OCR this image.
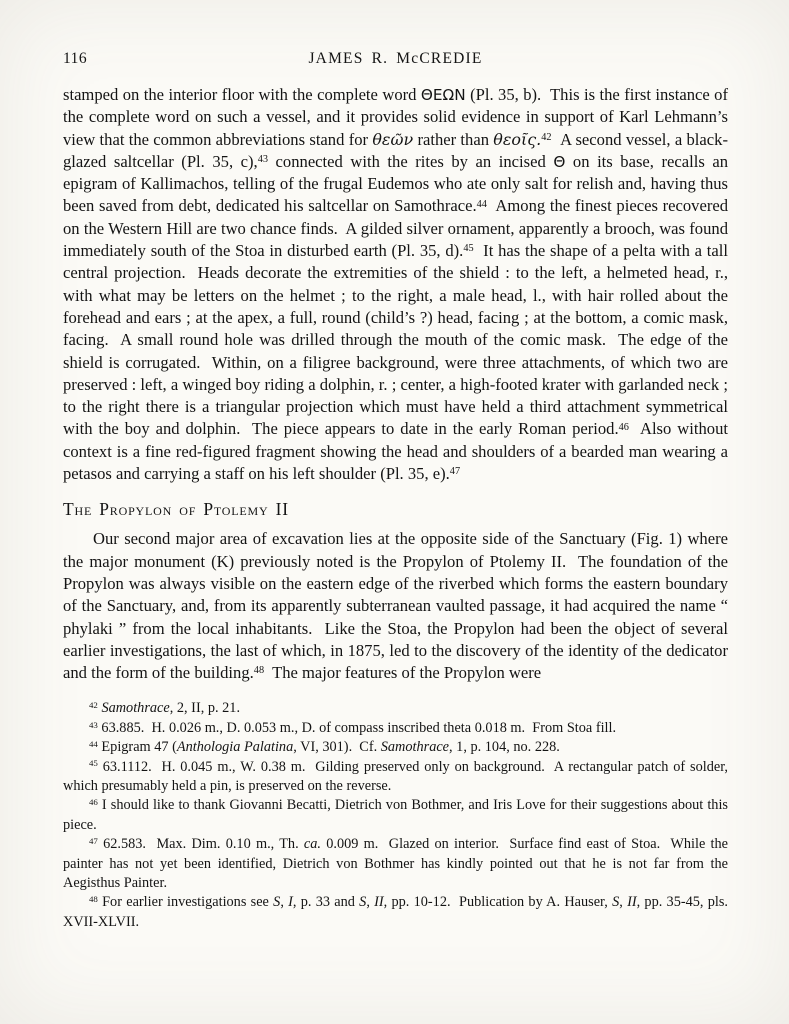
116	JAMES R. McCREDIE

stamped on the interior floor with the complete word ΘΕΩΝ (Pl. 35, b).  This is the first instance of the complete word on such a vessel, and it provides solid evidence in support of Karl Lehmann’s view that the common abbreviations stand for θεῶν rather than θεοῖς.$^{42}$  A second vessel, a black-glazed saltcellar (Pl. 35, c),$^{43}$ connected with the rites by an incised Θ on its base, recalls an epigram of Kallimachos, telling of the frugal Eudemos who ate only salt for relish and, having thus been saved from debt, dedicated his saltcellar on Samothrace.$^{44}$  Among the finest pieces recovered on the Western Hill are two chance finds.  A gilded silver ornament, apparently a brooch, was found immediately south of the Stoa in disturbed earth (Pl. 35, d).$^{45}$  It has the shape of a pelta with a tall central projection.  Heads decorate the extremities of the shield : to the left, a helmeted head, r., with what may be letters on the helmet ; to the right, a male head, l., with hair rolled about the forehead and ears ; at the apex, a full, round (child’s ?) head, facing ; at the bottom, a comic mask, facing.  A small round hole was drilled through the mouth of the comic mask.  The edge of the shield is corrugated.  Within, on a filigree background, were three attachments, of which two are preserved : left, a winged boy riding a dolphin, r. ; center, a high-footed krater with garlanded neck ; to the right there is a triangular projection which must have held a third attachment symmetrical with the boy and dolphin.  The piece appears to date in the early Roman period.$^{46}$  Also without context is a fine red-figured fragment showing the head and shoulders of a bearded man wearing a petasos and carrying a staff on his left shoulder (Pl. 35, e).$^{47}$

The Propylon of Ptolemy II

Our second major area of excavation lies at the opposite side of the Sanctuary (Fig. 1) where the major monument (K) previously noted is the Propylon of Ptolemy II.  The foundation of the Propylon was always visible on the eastern edge of the riverbed which forms the eastern boundary of the Sanctuary, and, from its apparently subterranean vaulted passage, it had acquired the name “ phylaki ” from the local inhabitants.  Like the Stoa, the Propylon had been the object of several earlier investigations, the last of which, in 1875, led to the discovery of the identity of the dedicator and the form of the building.$^{48}$  The major features of the Propylon were

$^{42}$ Samothrace, 2, II, p. 21.

$^{43}$ 63.885.  H. 0.026 m., D. 0.053 m., D. of compass inscribed theta 0.018 m.  From Stoa fill.

$^{44}$ Epigram 47 (Anthologia Palatina, VI, 301).  Cf. Samothrace, 1, p. 104, no. 228.

$^{45}$ 63.1112.  H. 0.045 m., W. 0.38 m.  Gilding preserved only on background.  A rectangular patch of solder, which presumably held a pin, is preserved on the reverse.

$^{46}$ I should like to thank Giovanni Becatti, Dietrich von Bothmer, and Iris Love for their suggestions about this piece.

$^{47}$ 62.583.  Max. Dim. 0.10 m., Th. ca. 0.009 m.  Glazed on interior.  Surface find east of Stoa.  While the painter has not yet been identified, Dietrich von Bothmer has kindly pointed out that he is not far from the Aegisthus Painter.

$^{48}$ For earlier investigations see S, I, p. 33 and S, II, pp. 10-12.  Publication by A. Hauser, S, II, pp. 35-45, pls. XVII-XLVII.
